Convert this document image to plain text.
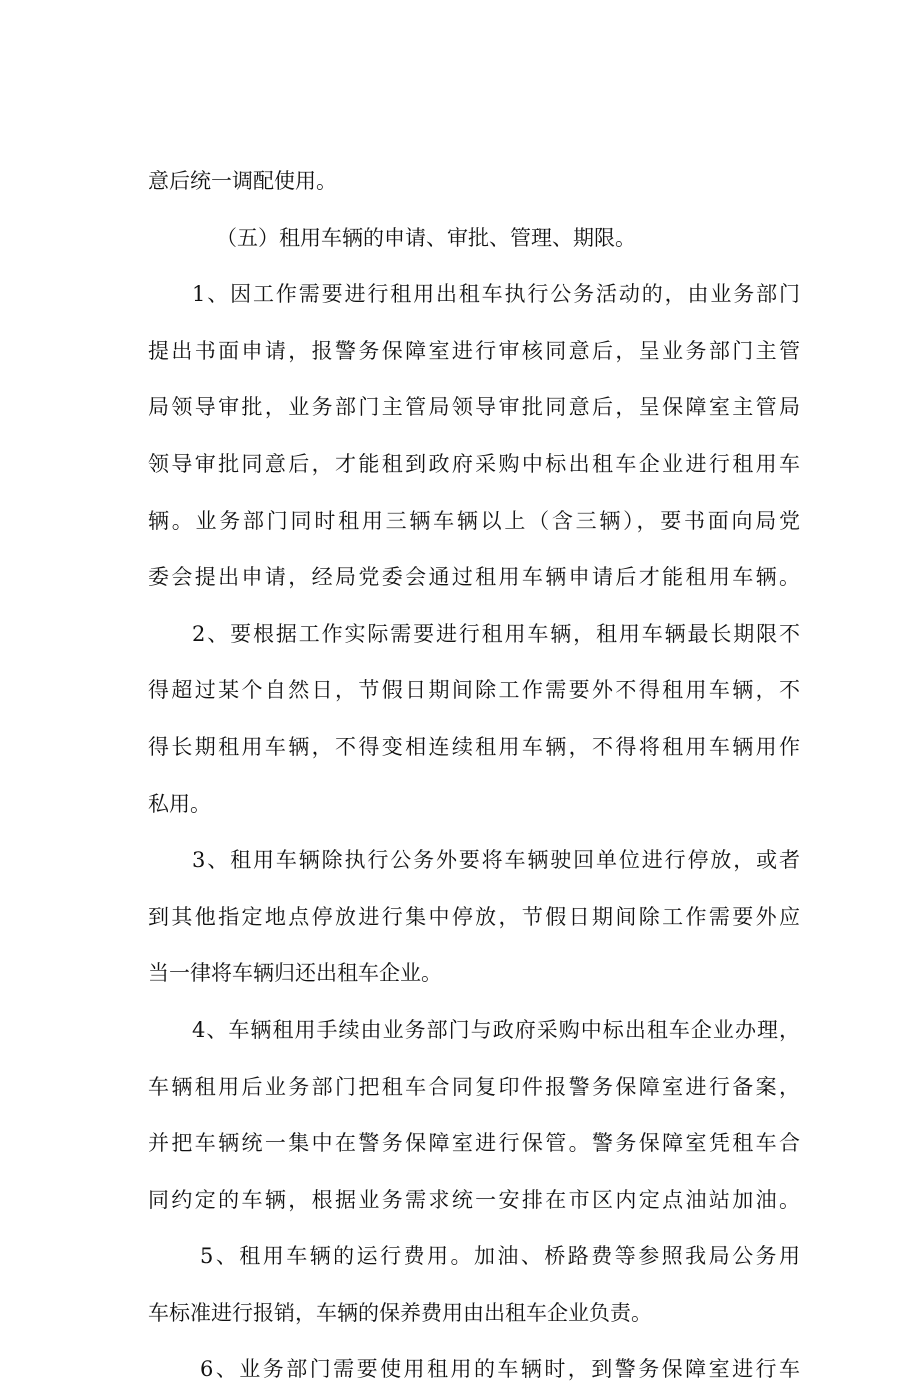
意后统一调配使用。
（五）租用车辆的申请、审批、管理、期限。
1、因工作需要进行租用出租车执行公务活动的，由业务部门
提出书面申请，报警务保障室进行审核同意后，呈业务部门主管
局领导审批，业务部门主管局领导审批同意后，呈保障室主管局
领导审批同意后，才能租到政府采购中标出租车企业进行租用车
辆。业务部门同时租用三辆车辆以上（含三辆），要书面向局党
委会提出申请，经局党委会通过租用车辆申请后才能租用车辆。
2、要根据工作实际需要进行租用车辆，租用车辆最长期限不
得超过某个自然日，节假日期间除工作需要外不得租用车辆，不
得长期租用车辆，不得变相连续租用车辆，不得将租用车辆用作
私用。
3、租用车辆除执行公务外要将车辆驶回单位进行停放，或者
到其他指定地点停放进行集中停放，节假日期间除工作需要外应
当一律将车辆归还出租车企业。
4、车辆租用手续由业务部门与政府采购中标出租车企业办理，
车辆租用后业务部门把租车合同复印件报警务保障室进行备案，
并把车辆统一集中在警务保障室进行保管。警务保障室凭租车合
同约定的车辆，根据业务需求统一安排在市区内定点油站加油。
5、租用车辆的运行费用。加油、桥路费等参照我局公务用
车标准进行报销，车辆的保养费用由出租车企业负责。
6、业务部门需要使用租用的车辆时，到警务保障室进行车
